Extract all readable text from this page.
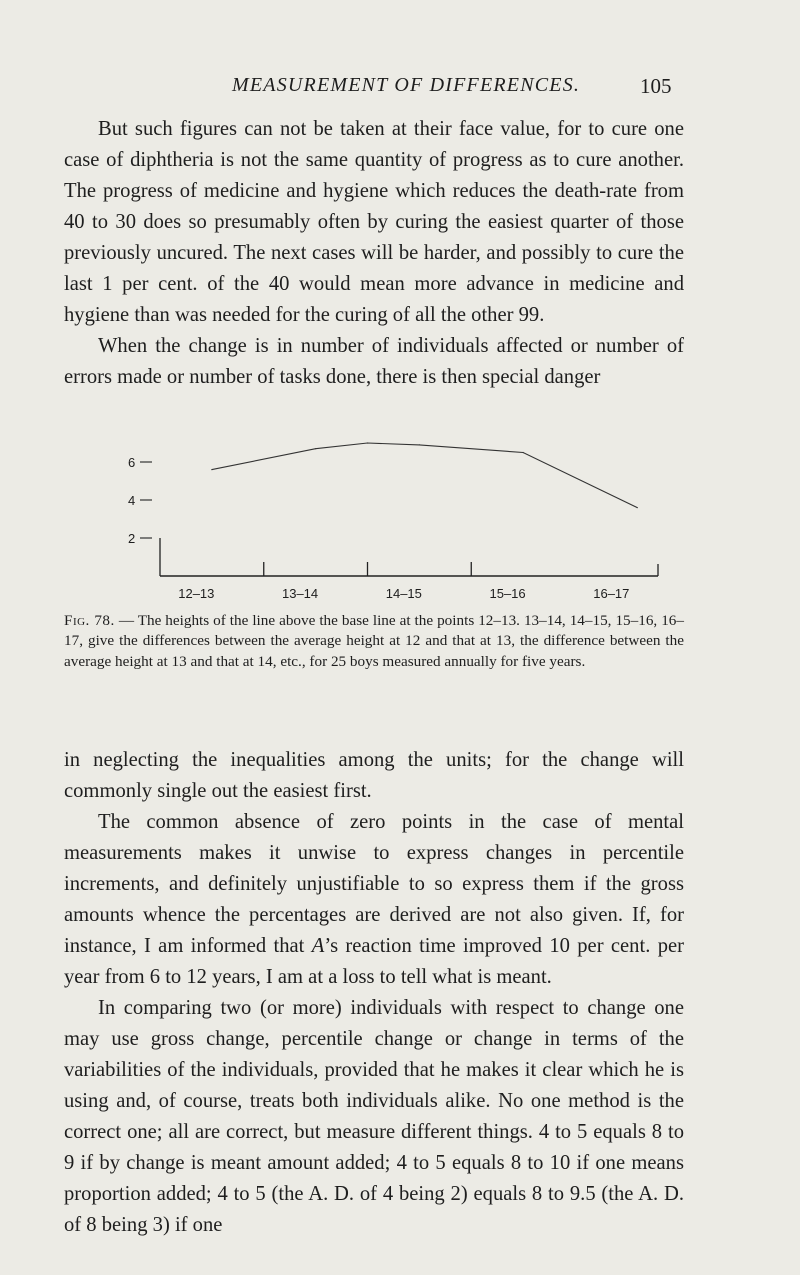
MEASUREMENT OF DIFFERENCES.	105

But such figures can not be taken at their face value, for to cure one case of diphtheria is not the same quantity of progress as to cure another. The progress of medicine and hygiene which reduces the death-rate from 40 to 30 does so presumably often by curing the easiest quarter of those previously uncured. The next cases will be harder, and possibly to cure the last 1 per cent. of the 40 would mean more advance in medicine and hygiene than was needed for the curing of all the other 99.

When the change is in number of individuals affected or number of errors made or number of tasks done, there is then special danger

2
4
6
12–13	13–14	14–15	15–16	16–17
Fig. 78. — The heights of the line above the base line at the points 12–13. 13–14, 14–15, 15–16, 16–17, give the differences between the average height at 12 and that at 13, the difference between the average height at 13 and that at 14, etc., for 25 boys measured annually for five years.

in neglecting the inequalities among the units; for the change will commonly single out the easiest first.

The common absence of zero points in the case of mental measurements makes it unwise to express changes in percentile increments, and definitely unjustifiable to so express them if the gross amounts whence the percentages are derived are not also given. If, for instance, I am informed that A’s reaction time improved 10 per cent. per year from 6 to 12 years, I am at a loss to tell what is meant.

In comparing two (or more) individuals with respect to change one may use gross change, percentile change or change in terms of the variabilities of the individuals, provided that he makes it clear which he is using and, of course, treats both individuals alike. No one method is the correct one; all are correct, but measure different things. 4 to 5 equals 8 to 9 if by change is meant amount added; 4 to 5 equals 8 to 10 if one means proportion added; 4 to 5 (the A. D. of 4 being 2) equals 8 to 9.5 (the A. D. of 8 being 3) if one
